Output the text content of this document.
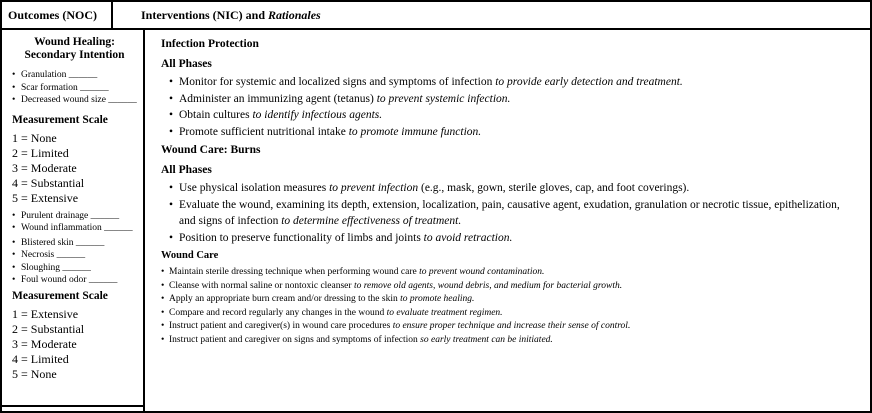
Outcomes (NOC)	Interventions (NIC) and Rationales
Wound Healing:
Secondary Intention
• Granulation ______
• Scar formation ______
• Decreased wound size ______
Measurement Scale
1 = None
2 = Limited
3 = Moderate
4 = Substantial
5 = Extensive
• Purulent drainage ______
• Wound inflammation ______
• Blistered skin ______
• Necrosis ______
• Sloughing ______
• Foul wound odor ______
Measurement Scale
1 = Extensive
2 = Substantial
3 = Moderate
4 = Limited
5 = None
Infection Protection
All Phases
• Monitor for systemic and localized signs and symptoms of infection to provide early detection and treatment.
• Administer an immunizing agent (tetanus) to prevent systemic infection.
• Obtain cultures to identify infectious agents.
• Promote sufficient nutritional intake to promote immune function.
Wound Care: Burns
All Phases
• Use physical isolation measures to prevent infection (e.g., mask, gown, sterile gloves, cap, and foot coverings).
• Evaluate the wound, examining its depth, extension, localization, pain, causative agent, exudation, granulation or necrotic tissue, epithelization, and signs of infection to determine effectiveness of treatment.
• Position to preserve functionality of limbs and joints to avoid retraction.
Wound Care
• Maintain sterile dressing technique when performing wound care to prevent wound contamination.
• Cleanse with normal saline or nontoxic cleanser to remove old agents, wound debris, and medium for bacterial growth.
• Apply an appropriate burn cream and/or dressing to the skin to promote healing.
• Compare and record regularly any changes in the wound to evaluate treatment regimen.
• Instruct patient and caregiver(s) in wound care procedures to ensure proper technique and increase their sense of control.
• Instruct patient and caregiver on signs and symptoms of infection so early treatment can be initiated.
